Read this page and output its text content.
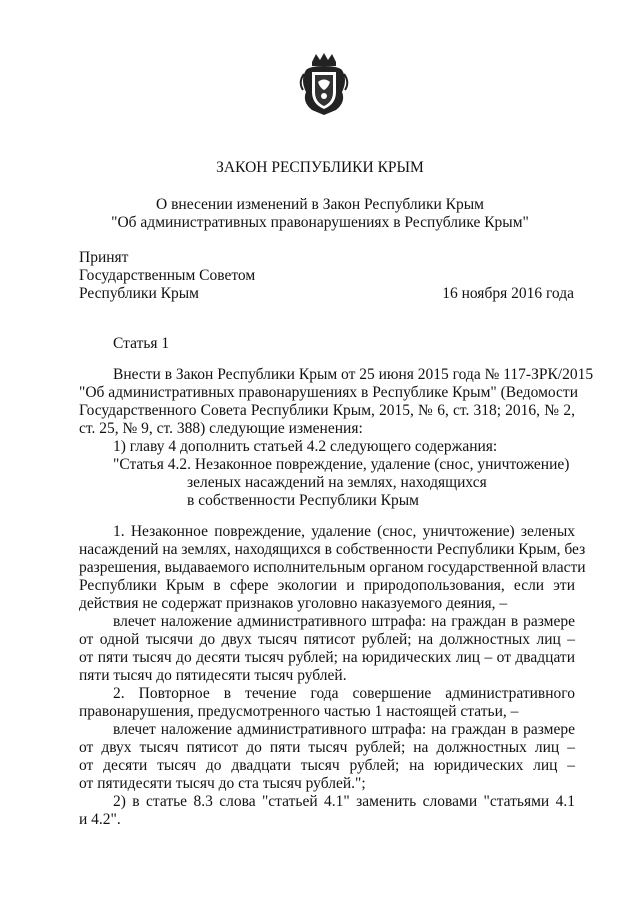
ЗАКОН РЕСПУБЛИКИ КРЫМ
О внесении изменений в Закон Республики Крым
"Об административных правонарушениях в Республике Крым"
Принят
Государственным Советом
Республики Крым	16 ноября 2016 года
Статья 1
Внести в Закон Республики Крым от 25 июня 2015 года № 117-ЗРК/2015
"Об административных правонарушениях в Республике Крым" (Ведомости
Государственного Совета Республики Крым, 2015, № 6, ст. 318; 2016, № 2,
ст. 25, № 9, ст. 388) следующие изменения:
1) главу 4 дополнить статьей 4.2 следующего содержания:
"Статья 4.2. Незаконное повреждение, удаление (снос, уничтожение)
зеленых насаждений на землях, находящихся
в собственности Республики Крым
1. Незаконное повреждение, удаление (снос, уничтожение) зеленых
насаждений на землях, находящихся в собственности Республики Крым, без
разрешения, выдаваемого исполнительным органом государственной власти
Республики Крым в сфере экологии и природопользования, если эти
действия не содержат признаков уголовно наказуемого деяния, –
влечет наложение административного штрафа: на граждан в размере
от одной тысячи до двух тысяч пятисот рублей; на должностных лиц –
от пяти тысяч до десяти тысяч рублей; на юридических лиц – от двадцати
пяти тысяч до пятидесяти тысяч рублей.
2. Повторное в течение года совершение административного
правонарушения, предусмотренного частью 1 настоящей статьи, –
влечет наложение административного штрафа: на граждан в размере
от двух тысяч пятисот до пяти тысяч рублей; на должностных лиц –
от десяти тысяч до двадцати тысяч рублей; на юридических лиц –
от пятидесяти тысяч до ста тысяч рублей.";
2) в статье 8.3 слова "статьей 4.1" заменить словами "статьями 4.1
и 4.2".
